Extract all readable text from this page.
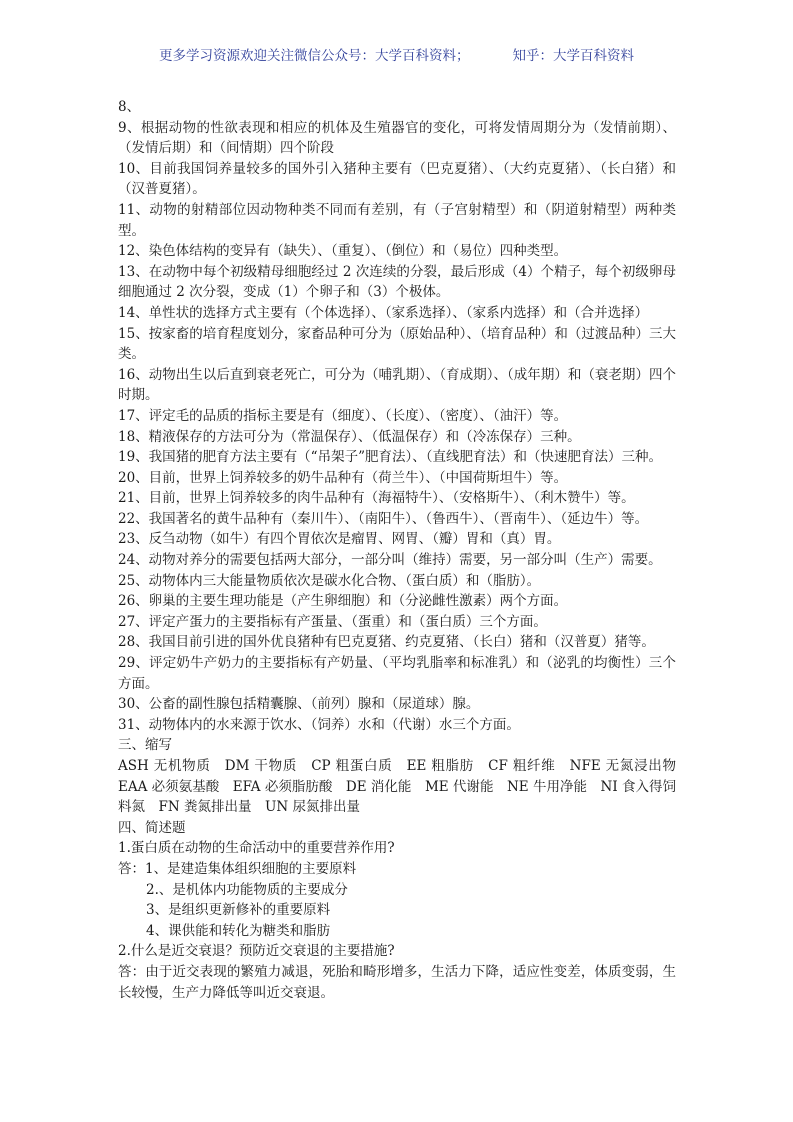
更多学习资源欢迎关注微信公众号：大学百科资料；	知乎：大学百科资料

8、

9、根据动物的性欲表现和相应的机体及生殖器官的变化，可将发情周期分为（发情前期）、（发情后期）和（间情期）四个阶段

10、目前我国饲养量较多的国外引入猪种主要有（巴克夏猪）、（大约克夏猪）、（长白猪）和（汉普夏猪）。

11、动物的射精部位因动物种类不同而有差别，有（子宫射精型）和（阴道射精型）两种类型。

12、染色体结构的变异有（缺失）、（重复）、（倒位）和（易位）四种类型。

13、在动物中每个初级精母细胞经过 2 次连续的分裂，最后形成（4）个精子，每个初级卵母细胞通过 2 次分裂，变成（1）个卵子和（3）个极体。

14、单性状的选择方式主要有（个体选择）、（家系选择）、（家系内选择）和（合并选择）

15、按家畜的培育程度划分，家畜品种可分为（原始品种）、（培育品种）和（过渡品种）三大类。

16、动物出生以后直到衰老死亡，可分为（哺乳期）、（育成期）、（成年期）和（衰老期）四个时期。

17、评定毛的品质的指标主要是有（细度）、（长度）、（密度）、（油汗）等。

18、精液保存的方法可分为（常温保存）、（低温保存）和（冷冻保存）三种。

19、我国猪的肥育方法主要有（“吊架子”肥育法）、（直线肥育法）和（快速肥育法）三种。

20、目前，世界上饲养较多的奶牛品种有（荷兰牛）、（中国荷斯坦牛）等。

21、目前，世界上饲养较多的肉牛品种有（海福特牛）、（安格斯牛）、（利木赞牛）等。

22、我国著名的黄牛品种有（秦川牛）、（南阳牛）、（鲁西牛）、（晋南牛）、（延边牛）等。

23、反刍动物（如牛）有四个胃依次是瘤胃、网胃、（瓣）胃和（真）胃。

24、动物对养分的需要包括两大部分，一部分叫（维持）需要，另一部分叫（生产）需要。

25、动物体内三大能量物质依次是碳水化合物、（蛋白质）和（脂肪）。

26、卵巢的主要生理功能是（产生卵细胞）和（分泌雌性激素）两个方面。

27、评定产蛋力的主要指标有产蛋量、（蛋重）和（蛋白质）三个方面。

28、我国目前引进的国外优良猪种有巴克夏猪、约克夏猪、（长白）猪和（汉普夏）猪等。

29、评定奶牛产奶力的主要指标有产奶量、（平均乳脂率和标准乳）和（泌乳的均衡性）三个方面。

30、公畜的副性腺包括精囊腺、（前列）腺和（尿道球）腺。

31、动物体内的水来源于饮水、（饲养）水和（代谢）水三个方面。

三、缩写

ASH 无机物质　DM 干物质　CP 粗蛋白质　EE 粗脂肪　CF 粗纤维　NFE 无氮浸出物 EAA 必须氨基酸　EFA 必须脂肪酸　DE 消化能　ME 代谢能　NE 牛用净能　NI 食入得饲料氮　FN 粪氮排出量　UN 尿氮排出量

四、简述题

1.蛋白质在动物的生命活动中的重要营养作用?

答：1、是建造集体组织细胞的主要原料

2.、是机体内功能物质的主要成分

3、是组织更新修补的重要原料

4、课供能和转化为糖类和脂肪

2.什么是近交衰退？预防近交衰退的主要措施?

答：由于近交表现的繁殖力减退，死胎和畸形增多，生活力下降，适应性变差，体质变弱，生长较慢，生产力降低等叫近交衰退。
